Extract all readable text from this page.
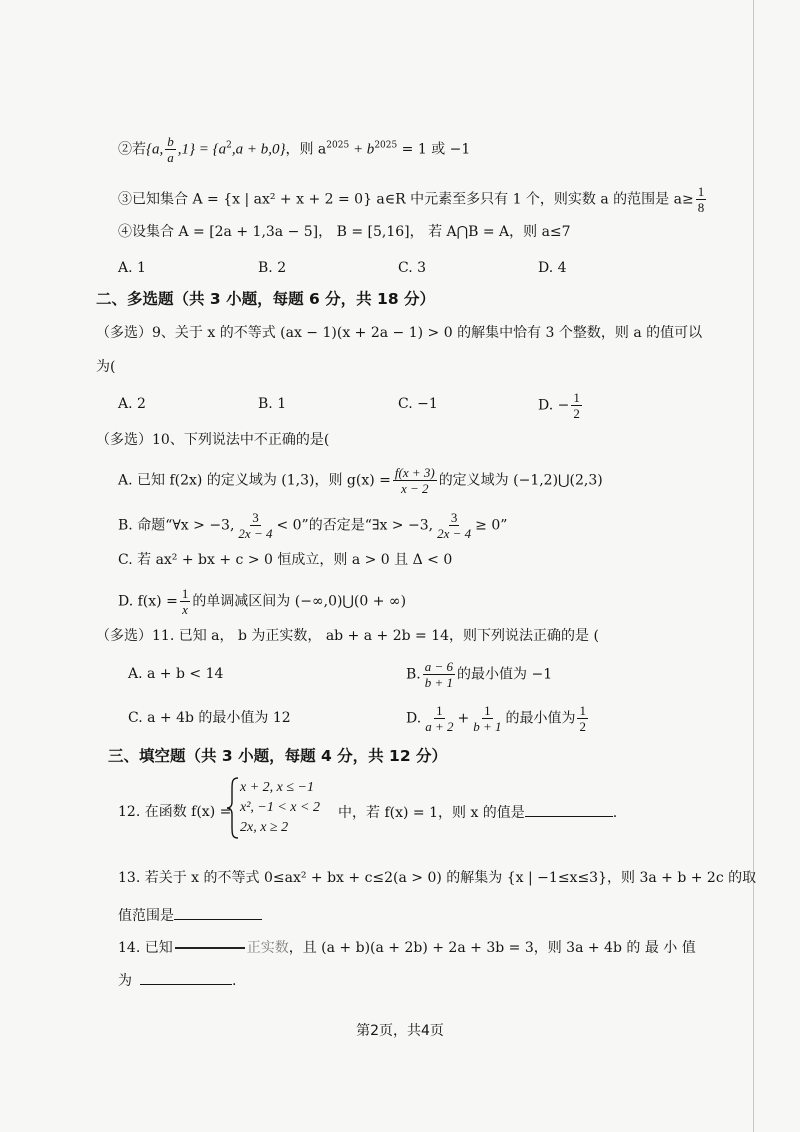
②若{a, $\frac{b}{a} ,1\} = \{a^2,a + b,0\}$，则 $a^{2025} + b^{2025} = 1$ 或 −1
③已知集合 A = {x | ax² + x + 2 = 0} a∈R 中元素至多只有 1 个，则实数 a 的范围是 $a\ge \frac{1}{8}$
④设集合 A = [2a + 1,3a − 5]， B = [5,16]， 若 A⋂B = A，则 a≤7
A. 1	B. 2	C. 3	D. 4
二、多选题（共 3 小题，每题 6 分，共 18 分）
（多选）9、关于 x 的不等式 (ax − 1)(x + 2a − 1) > 0 的解集中恰有 3 个整数，则 a 的值可以
为(
A. 2	B. 1	C. −1	D. − $\frac{1}{2}$
（多选）10、下列说法中不正确的是(
A. 已知 f(2x) 的定义域为 (1,3)，则 $g(x) = \frac{f(x + 3)}{x - 2}$ 的定义域为 (−1,2)⋃(2,3)
B. 命题“∀x > −3, $\frac{3}{2x - 4} < 0$”的否定是“∃x > −3, $\frac{3}{2x - 4} \ge 0$”
C. 若 ax² + bx + c > 0 恒成立，则 a > 0 且 Δ < 0
D. $f(x) = \frac{1}{x}$ 的单调减区间为 (−∞,0)⋃(0 + ∞)
（多选）11. 已知 a， b 为正实数， ab + a + 2b = 14，则下列说法正确的是 (
A. a + b < 14	B. $\frac{a - 6}{b + 1}$ 的最小值为 −1
C. a + 4b 的最小值为 12	D. $\frac{1}{a + 2} + \frac{1}{b + 1}$ 的最小值为 $\frac{1}{2}$
三、填空题（共 3 小题，每题 4 分，共 12 分）
12. 在函数 f(x) =
x + 2, x ≤ −1
x², −1 < x < 2
2x, x ≥ 2
中，若 f(x) = 1，则 x 的值是	.
13. 若关于 x 的不等式 0≤ax² + bx + c≤2(a > 0) 的解集为 {x | −1≤x≤3}，则 3a + b + 2c 的取
值范围是
14. 已知	正实数，且 (a + b)(a + 2b) + 2a + 3b = 3，则 3a + 4b 的 最 小 值
为	.
第2页，共4页
